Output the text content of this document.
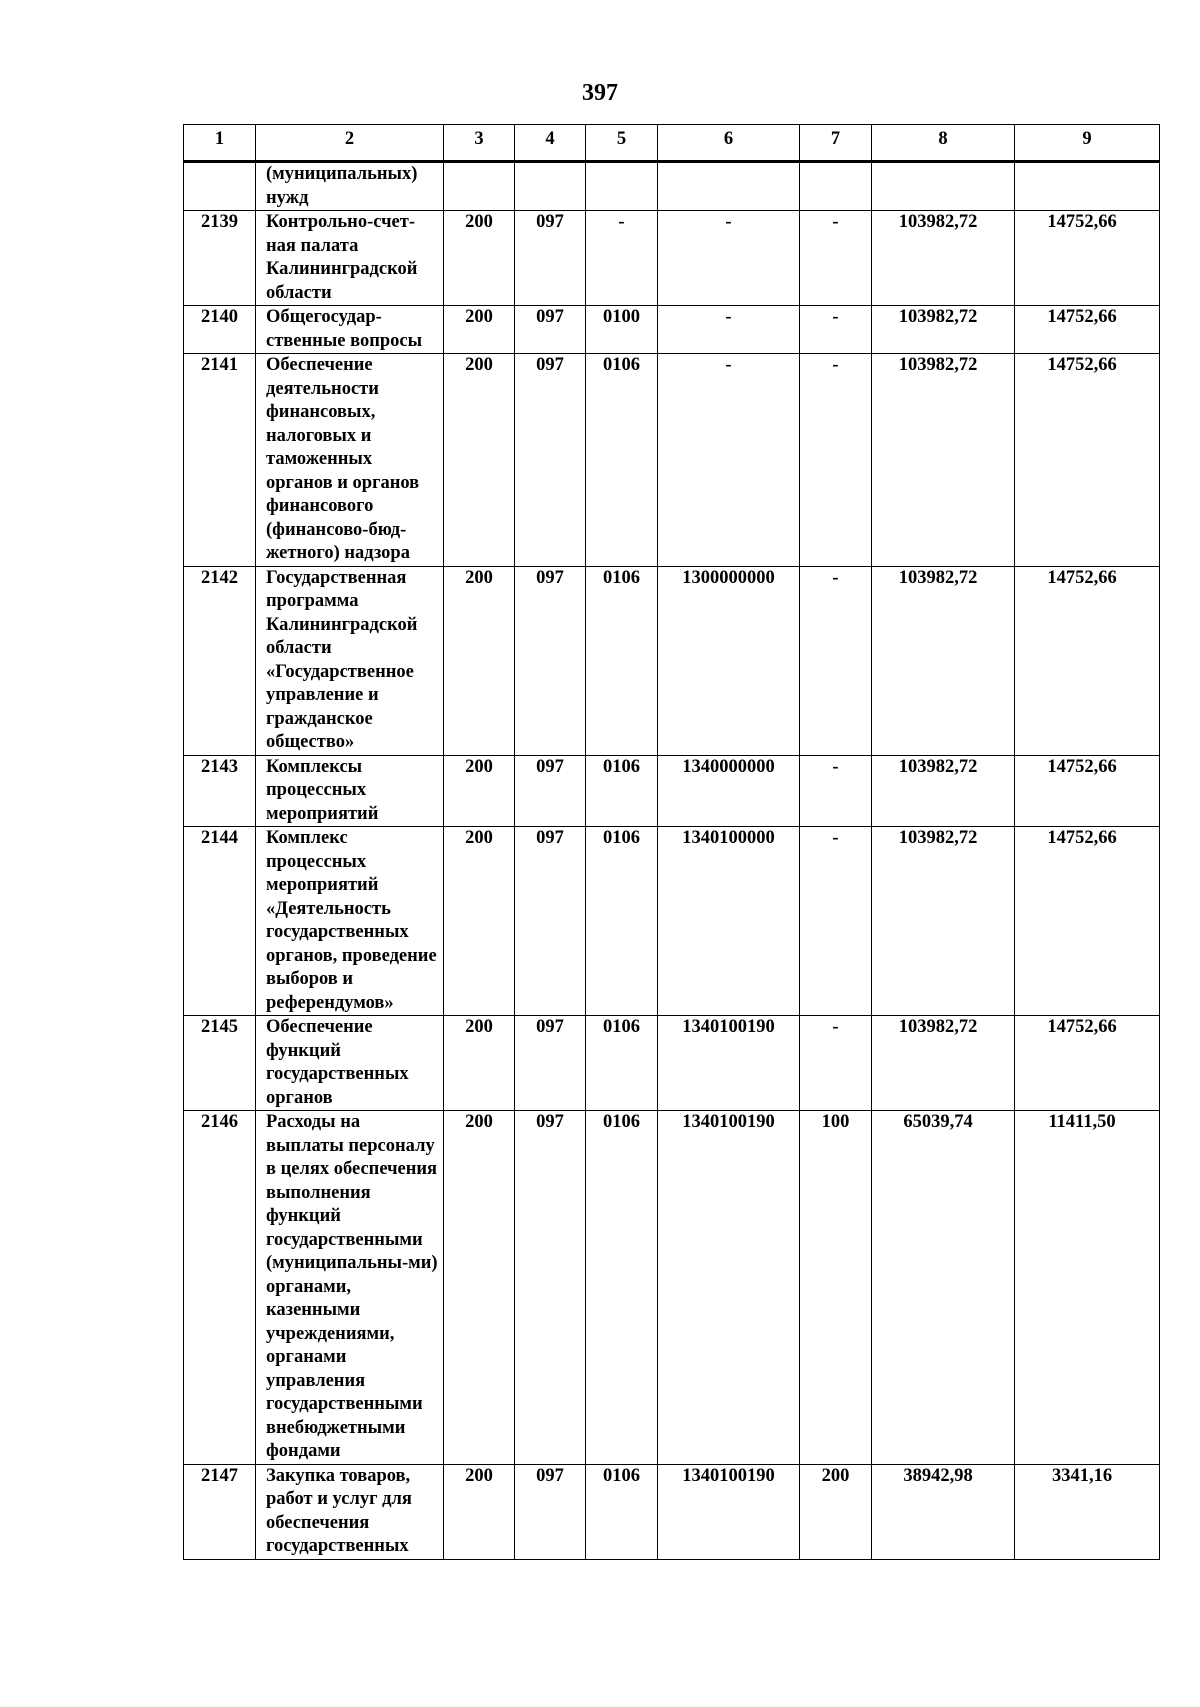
397
1	2	3	4	5	6	7	8	9
	(муниципальных) нужд							
2139	Контрольно-счет-ная палата Калининградской области	200	097	-	-	-	103982,72	14752,66
2140	Общегосудар-ственные вопросы	200	097	0100	-	-	103982,72	14752,66
2141	Обеспечение деятельности финансовых, налоговых и таможенных органов и органов финансового (финансово-бюд-жетного) надзора	200	097	0106	-	-	103982,72	14752,66
2142	Государственная программа Калининградской области «Государственное управление и гражданское общество»	200	097	0106	1300000000	-	103982,72	14752,66
2143	Комплексы процессных мероприятий	200	097	0106	1340000000	-	103982,72	14752,66
2144	Комплекс процессных мероприятий «Деятельность государственных органов, проведение выборов и референдумов»	200	097	0106	1340100000	-	103982,72	14752,66
2145	Обеспечение функций государственных органов	200	097	0106	1340100190	-	103982,72	14752,66
2146	Расходы на выплаты персоналу в целях обеспечения выполнения функций государственными (муниципальны-ми) органами, казенными учреждениями, органами управления государственными внебюджетными фондами	200	097	0106	1340100190	100	65039,74	11411,50
2147	Закупка товаров, работ и услуг для обеспечения государственных	200	097	0106	1340100190	200	38942,98	3341,16
